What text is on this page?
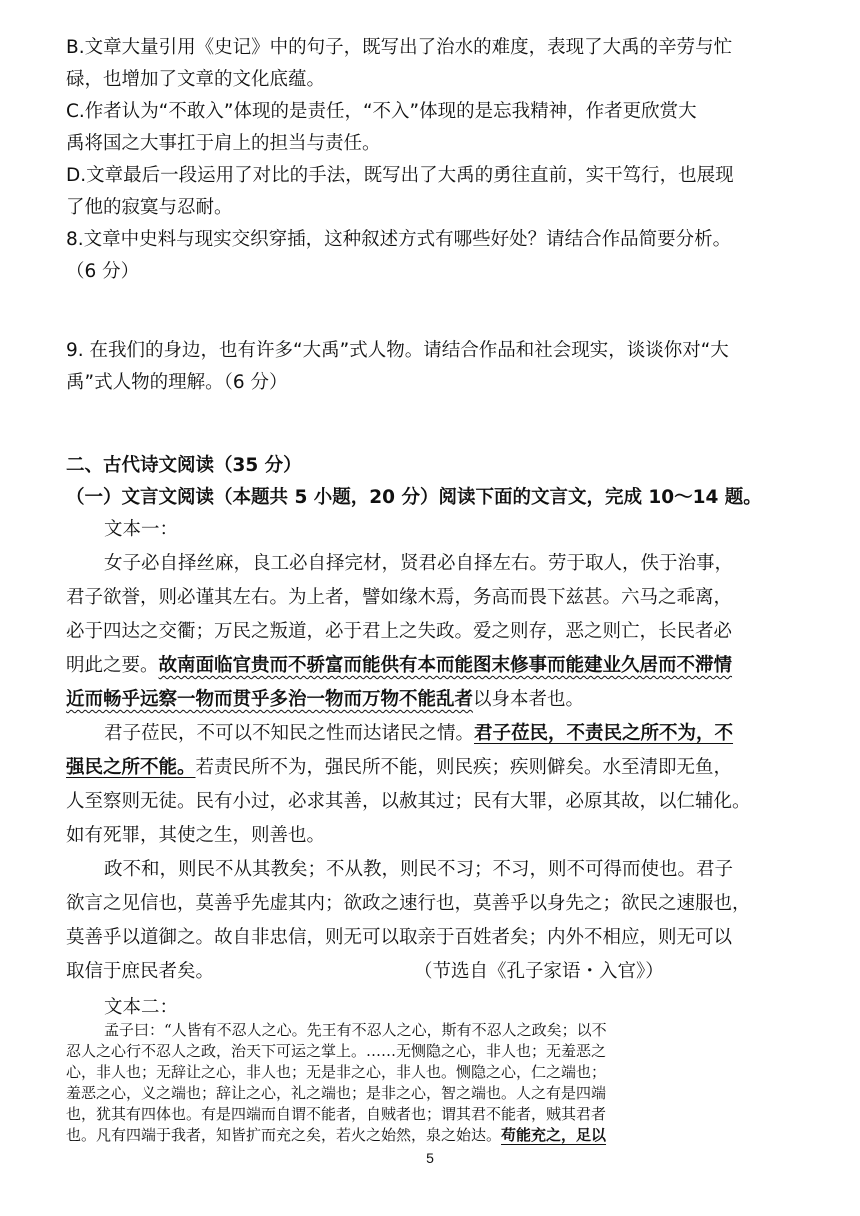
B.文章大量引用《史记》中的句子，既写出了治水的难度，表现了大禹的辛劳与忙
碌，也增加了文章的文化底蕴。
C.作者认为“不敢入”体现的是责任，“不入”体现的是忘我精神，作者更欣赏大
禹将国之大事扛于肩上的担当与责任。
D.文章最后一段运用了对比的手法，既写出了大禹的勇往直前，实干笃行，也展现
了他的寂寞与忍耐。
8.文章中史料与现实交织穿插，这种叙述方式有哪些好处？请结合作品简要分析。
（6 分）
9. 在我们的身边，也有许多“大禹”式人物。请结合作品和社会现实，谈谈你对“大
禹”式人物的理解。（6 分）
二、古代诗文阅读（35 分）
（一）文言文阅读（本题共 5 小题，20 分）阅读下面的文言文，完成 10～14 题。
文本一：
女子必自择丝麻，良工必自择完材，贤君必自择左右。劳于取人，佚于治事，
君子欲誉，则必谨其左右。为上者，譬如缘木焉，务高而畏下兹甚。六马之乖离，
必于四达之交衢；万民之叛道，必于君上之失政。爱之则存，恶之则亡，长民者必
明此之要。故南面临官贵而不骄富而能供有本而能图末修事而能建业久居而不滞情
近而畅乎远察一物而贯乎多治一物而万物不能乱者以身本者也。
君子莅民，不可以不知民之性而达诸民之情。君子莅民，不责民之所不为，不
强民之所不能。若责民所不为，强民所不能，则民疾；疾则僻矣。水至清即无鱼，
人至察则无徒。民有小过，必求其善，以赦其过；民有大罪，必原其故，以仁辅化。
如有死罪，其使之生，则善也。
政不和，则民不从其教矣；不从教，则民不习；不习，则不可得而使也。君子
欲言之见信也，莫善乎先虚其内；欲政之速行也，莫善乎以身先之；欲民之速服也，
莫善乎以道御之。故自非忠信，则无可以取亲于百姓者矣；内外不相应，则无可以
取信于庶民者矣。	（节选自《孔子家语・入官》）
文本二：
孟子曰：“人皆有不忍人之心。先王有不忍人之心，斯有不忍人之政矣；以不
忍人之心行不忍人之政，治天下可运之掌上。……无恻隐之心，非人也；无羞恶之
心，非人也；无辞让之心，非人也；无是非之心，非人也。恻隐之心，仁之端也；
羞恶之心，义之端也；辞让之心，礼之端也；是非之心，智之端也。人之有是四端
也，犹其有四体也。有是四端而自谓不能者，自贼者也；谓其君不能者，贼其君者
也。凡有四端于我者，知皆扩而充之矣，若火之始然，泉之始达。苟能充之，足以
5
